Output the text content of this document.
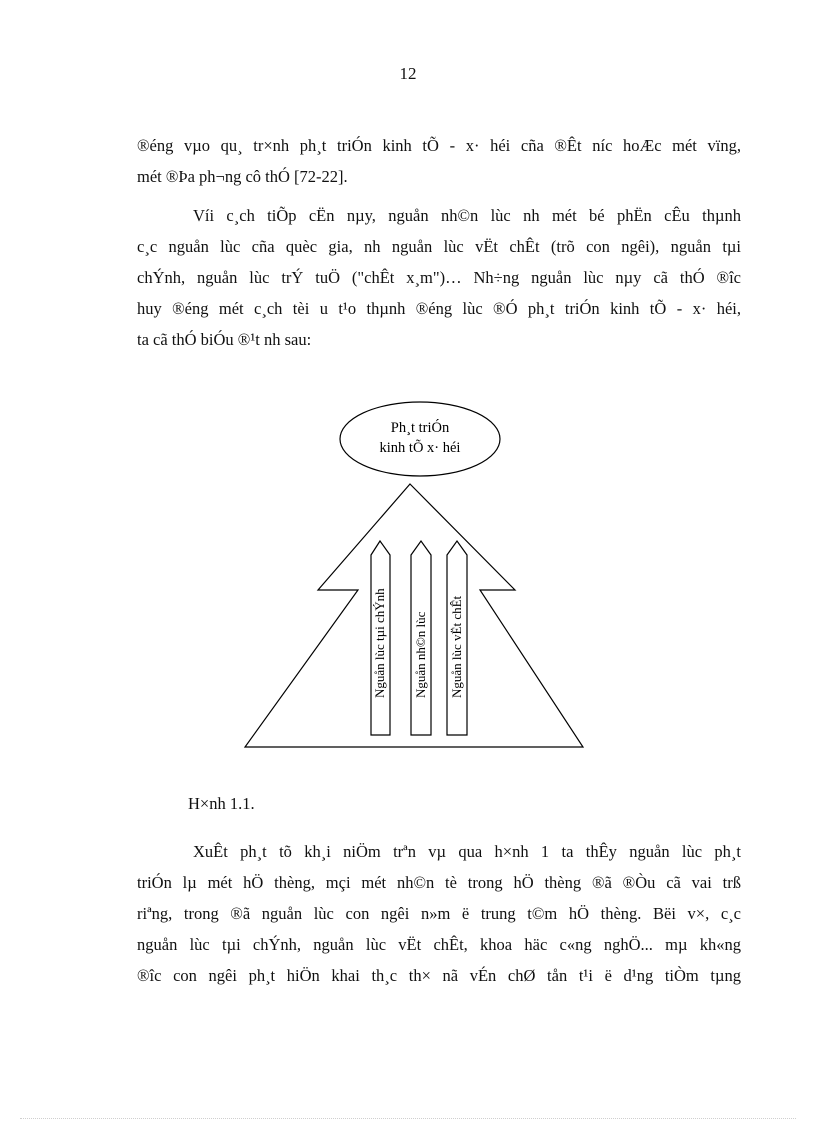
12
®éng vµo qu¸ tr×nh ph¸t triÓn kinh tÕ - x· héi cña ®Êt níc hoÆc mét vïng,
mét ®Þa ph¬ng cô thÓ [72-22].
Víi c¸ch tiÕp cËn nµy, nguån nh©n lùc nh mét bé phËn cÊu thµnh
c¸c nguån lùc cña quèc gia, nh nguån lùc vËt chÊt (trõ con ngêi), nguån tµi
chÝnh, nguån lùc trÝ tuÖ ("chÊt x¸m")… Nh÷ng nguån lùc nµy cã thÓ ®îc
huy ®éng mét c¸ch tèi u t¹o thµnh ®éng lùc ®Ó ph¸t triÓn kinh tÕ - x· héi,
ta cã thÓ biÓu ®¹t nh sau:
Ph¸t triÓn
kinh tÕ x· héi
Nguån lùc tµi chÝnh Nguån nh©n lùc Nguån lùc vËt chÊt
H×nh 1.1.
XuÊt ph¸t tõ kh¸i niÖm trªn vµ qua h×nh 1 ta thÊy nguån lùc ph¸t
triÓn lµ mét hÖ thèng, mçi mét nh©n tè trong hÖ thèng ®ã ®Òu cã vai trß
riªng, trong ®ã nguån lùc con ngêi n»m ë trung t©m hÖ thèng. Bëi v×, c¸c
nguån lùc tµi chÝnh, nguån lùc vËt chÊt, khoa häc c«ng nghÖ... mµ kh«ng
®îc con ngêi ph¸t hiÖn khai th¸c th× nã vÉn chØ tån t¹i ë d¹ng tiÒm tµng
